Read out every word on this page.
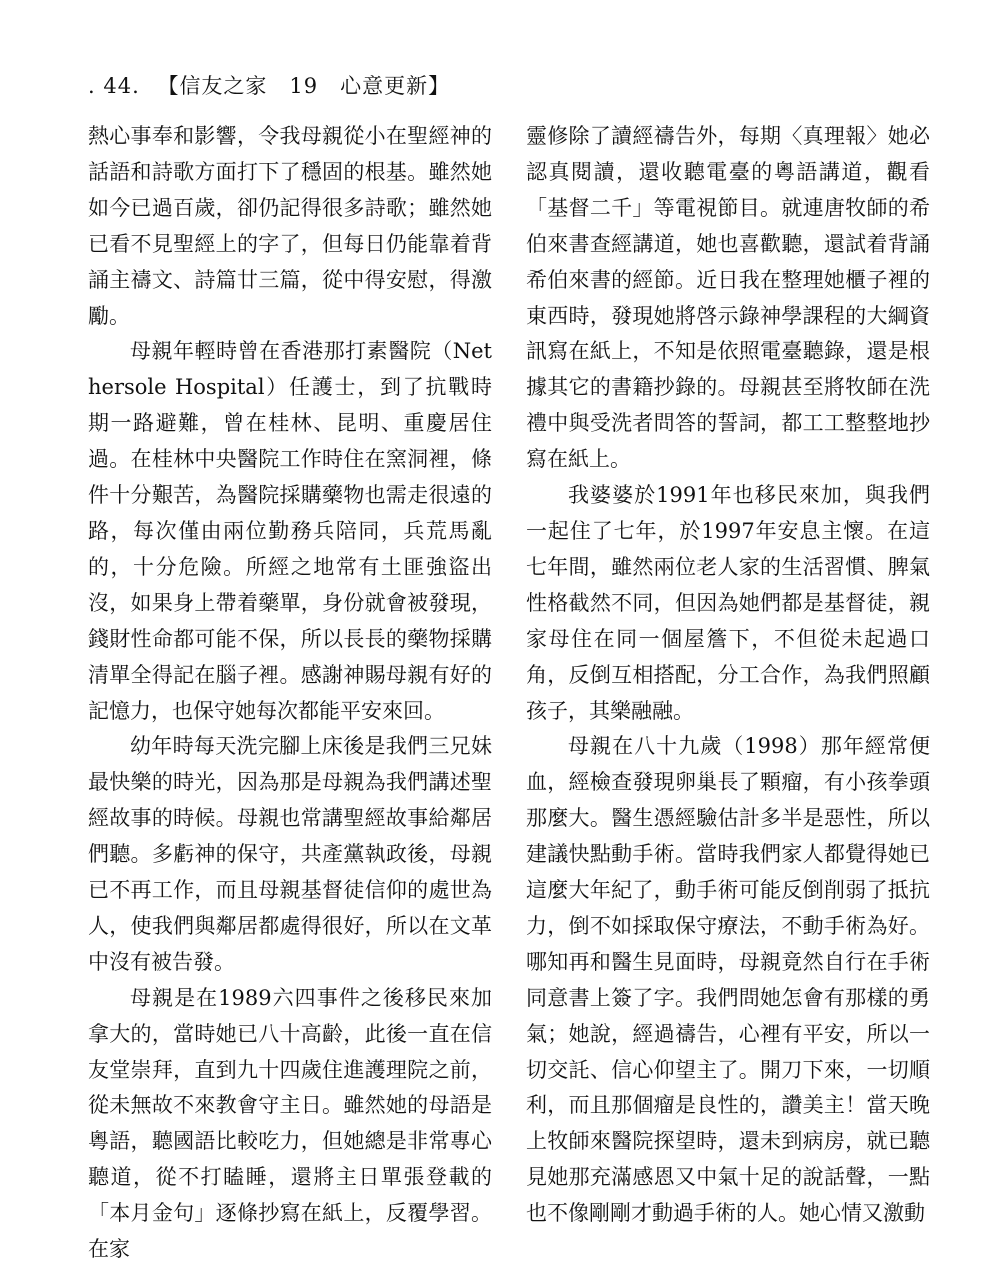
. 44. 【信友之家　19　心意更新】

熱心事奉和影響，令我母親從小在聖經神的話語和詩歌方面打下了穩固的根基。雖然她如今已過百歲，卻仍記得很多詩歌；雖然她已看不見聖經上的字了，但每日仍能靠着背誦主禱文、詩篇廿三篇，從中得安慰，得激勵。

母親年輕時曾在香港那打素醫院（Nethersole Hospital）任護士，到了抗戰時期一路避難，曾在桂林、昆明、重慶居住過。在桂林中央醫院工作時住在窯洞裡，條件十分艱苦，為醫院採購藥物也需走很遠的路，每次僅由兩位勤務兵陪同，兵荒馬亂的，十分危險。所經之地常有土匪強盜出沒，如果身上帶着藥單，身份就會被發現，錢財性命都可能不保，所以長長的藥物採購清單全得記在腦子裡。感謝神賜母親有好的記憶力，也保守她每次都能平安來回。

幼年時每天洗完腳上床後是我們三兄妹最快樂的時光，因為那是母親為我們講述聖經故事的時候。母親也常講聖經故事給鄰居們聽。多虧神的保守，共產黨執政後，母親已不再工作，而且母親基督徒信仰的處世為人，使我們與鄰居都處得很好，所以在文革中沒有被告發。

母親是在1989六四事件之後移民來加拿大的，當時她已八十高齡，此後一直在信友堂崇拜，直到九十四歲住進護理院之前，從未無故不來教會守主日。雖然她的母語是粵語，聽國語比較吃力，但她總是非常專心聽道，從不打瞌睡，還將主日單張登載的「本月金句」逐條抄寫在紙上，反覆學習。在家

靈修除了讀經禱告外，每期〈真理報〉她必認真閱讀，還收聽電臺的粵語講道，觀看「基督二千」等電視節目。就連唐牧師的希伯來書查經講道，她也喜歡聽，還試着背誦希伯來書的經節。近日我在整理她櫃子裡的東西時，發現她將啓示錄神學課程的大綱資訊寫在紙上，不知是依照電臺聽錄，還是根據其它的書籍抄錄的。母親甚至將牧師在洗禮中與受洗者問答的誓詞，都工工整整地抄寫在紙上。

我婆婆於1991年也移民來加，與我們一起住了七年，於1997年安息主懷。在這七年間，雖然兩位老人家的生活習慣、脾氣性格截然不同，但因為她們都是基督徒，親家母住在同一個屋簷下，不但從未起過口角，反倒互相搭配，分工合作，為我們照顧孩子，其樂融融。

母親在八十九歲（1998）那年經常便血，經檢查發現卵巢長了顆瘤，有小孩拳頭那麼大。醫生憑經驗估計多半是惡性，所以建議快點動手術。當時我們家人都覺得她已這麼大年紀了，動手術可能反倒削弱了抵抗力，倒不如採取保守療法，不動手術為好。哪知再和醫生見面時，母親竟然自行在手術同意書上簽了字。我們問她怎會有那樣的勇氣；她說，經過禱告，心裡有平安，所以一切交託、信心仰望主了。開刀下來，一切順利，而且那個瘤是良性的，讚美主！當天晚上牧師來醫院探望時，還未到病房，就已聽見她那充滿感恩又中氣十足的說話聲，一點也不像剛剛才動過手術的人。她心情又激動
